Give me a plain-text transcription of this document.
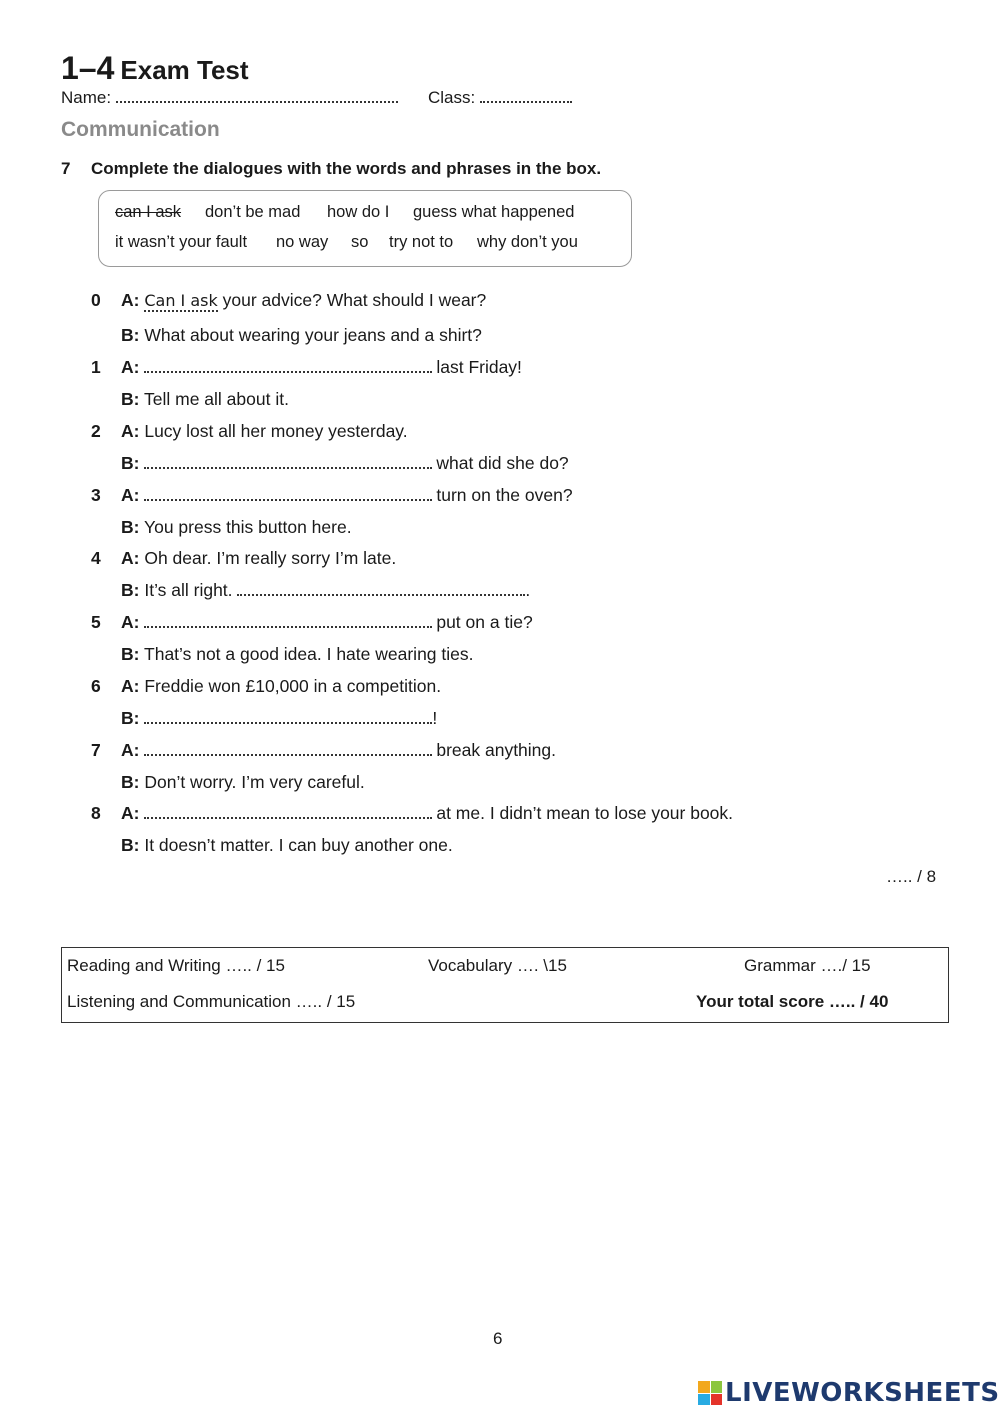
1–4 Exam Test
Name:	Class:
Communication
7 Complete the dialogues with the words and phrases in the box.
can I ask don’t be mad how do I guess what happened
it wasn’t your fault no way so try not to why don’t you
0 A: Can I ask your advice? What should I wear?
B: What about wearing your jeans and a shirt?
1 A:	last Friday!
B: Tell me all about it.
2 A: Lucy lost all her money yesterday.
B:	what did she do?
3 A:	turn on the oven?
B: You press this button here.
4 A: Oh dear. I’m really sorry I’m late.
B: It’s all right.	.
5 A:	put on a tie?
B: That’s not a good idea. I hate wearing ties.
6 A: Freddie won £10,000 in a competition.
B:	!
7 A:	break anything.
B: Don’t worry. I’m very careful.
8 A:	at me. I didn’t mean to lose your book.
B: It doesn’t matter. I can buy another one.
….. / 8
Reading and Writing ….. / 15	Vocabulary …. \15	Grammar …./ 15
Listening and Communication ….. / 15	Your total score ….. / 40
6
LIVEWORKSHEETS
